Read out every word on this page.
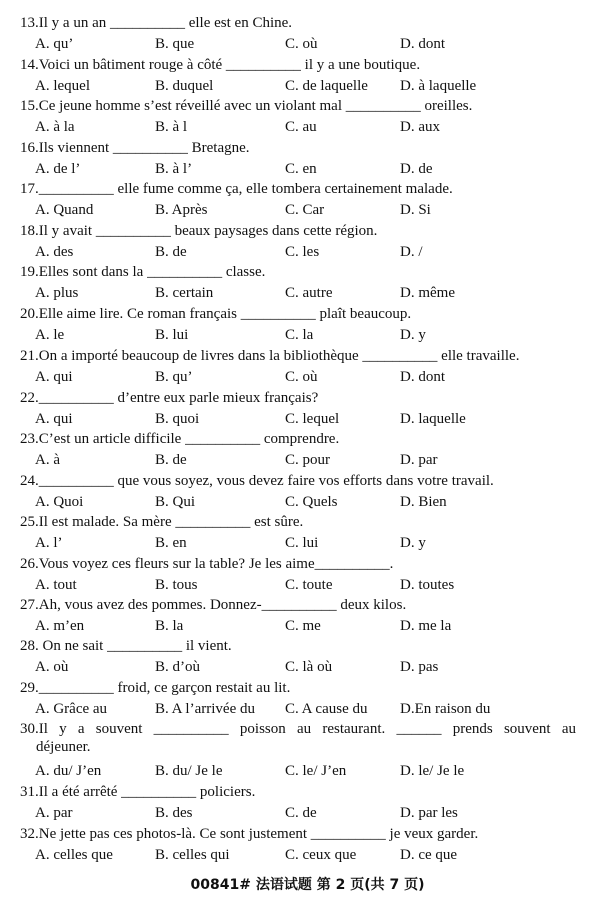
13.Il y a un an __________ elle est en Chine.
A. qu’	B. que	C. où	D. dont
14.Voici un bâtiment rouge à côté __________ il y a une boutique.
A. lequel	B. duquel	C. de laquelle D. à laquelle
15.Ce jeune homme s’est réveillé avec un violant mal __________ oreilles.
A. à la	B. à l	C. au	D. aux
16.Ils viennent __________ Bretagne.
A. de l’	B. à l’	C. en	D. de
17.__________ elle fume comme ça, elle tombera certainement malade.
A. Quand	B. Après	C. Car	D. Si
18.Il y avait __________ beaux paysages dans cette région.
A. des	B. de	C. les	D. /
19.Elles sont dans la __________ classe.
A. plus	B. certain	C. autre	D. même
20.Elle aime lire. Ce roman français __________ plaît beaucoup.
A. le	B. lui	C. la	D. y
21.On a importé beaucoup de livres dans la bibliothèque __________ elle travaille.
A. qui	B. qu’	C. où	D. dont
22.__________ d’entre eux parle mieux français?
A. qui	B. quoi	C. lequel	D. laquelle
23.C’est un article difficile __________ comprendre.
A. à	B. de	C. pour	D. par
24.__________ que vous soyez, vous devez faire vos efforts dans votre travail.
A. Quoi	B. Qui	C. Quels	D. Bien
25.Il est malade. Sa mère __________ est sûre.
A. l’	B. en	C. lui	D. y
26.Vous voyez ces fleurs sur la table? Je les aime__________.
A. tout	B. tous	C. toute	D. toutes
27.Ah, vous avez des pommes. Donnez-__________ deux kilos.
A. m’en	B. la	C. me	D. me la
28. On ne sait __________ il vient.
A. où	B. d’où	C. là où	D. pas
29.__________ froid, ce garçon restait au lit.
A. Grâce au	B. A l’arrivée du C. A cause du D.En raison du
30.Il y a souvent __________ poisson au restaurant. ______ prends souvent au
déjeuner.
A. du/ J’en	B. du/ Je le	C. le/ J’en	D. le/ Je le
31.Il a été arrêté __________ policiers.
A. par	B. des	C. de	D. par les
32.Ne jette pas ces photos-là. Ce sont justement __________ je veux garder.
A. celles que	B. celles qui	C. ceux que	D. ce que
00841# 法语试题 第 2 页(共 7 页)
